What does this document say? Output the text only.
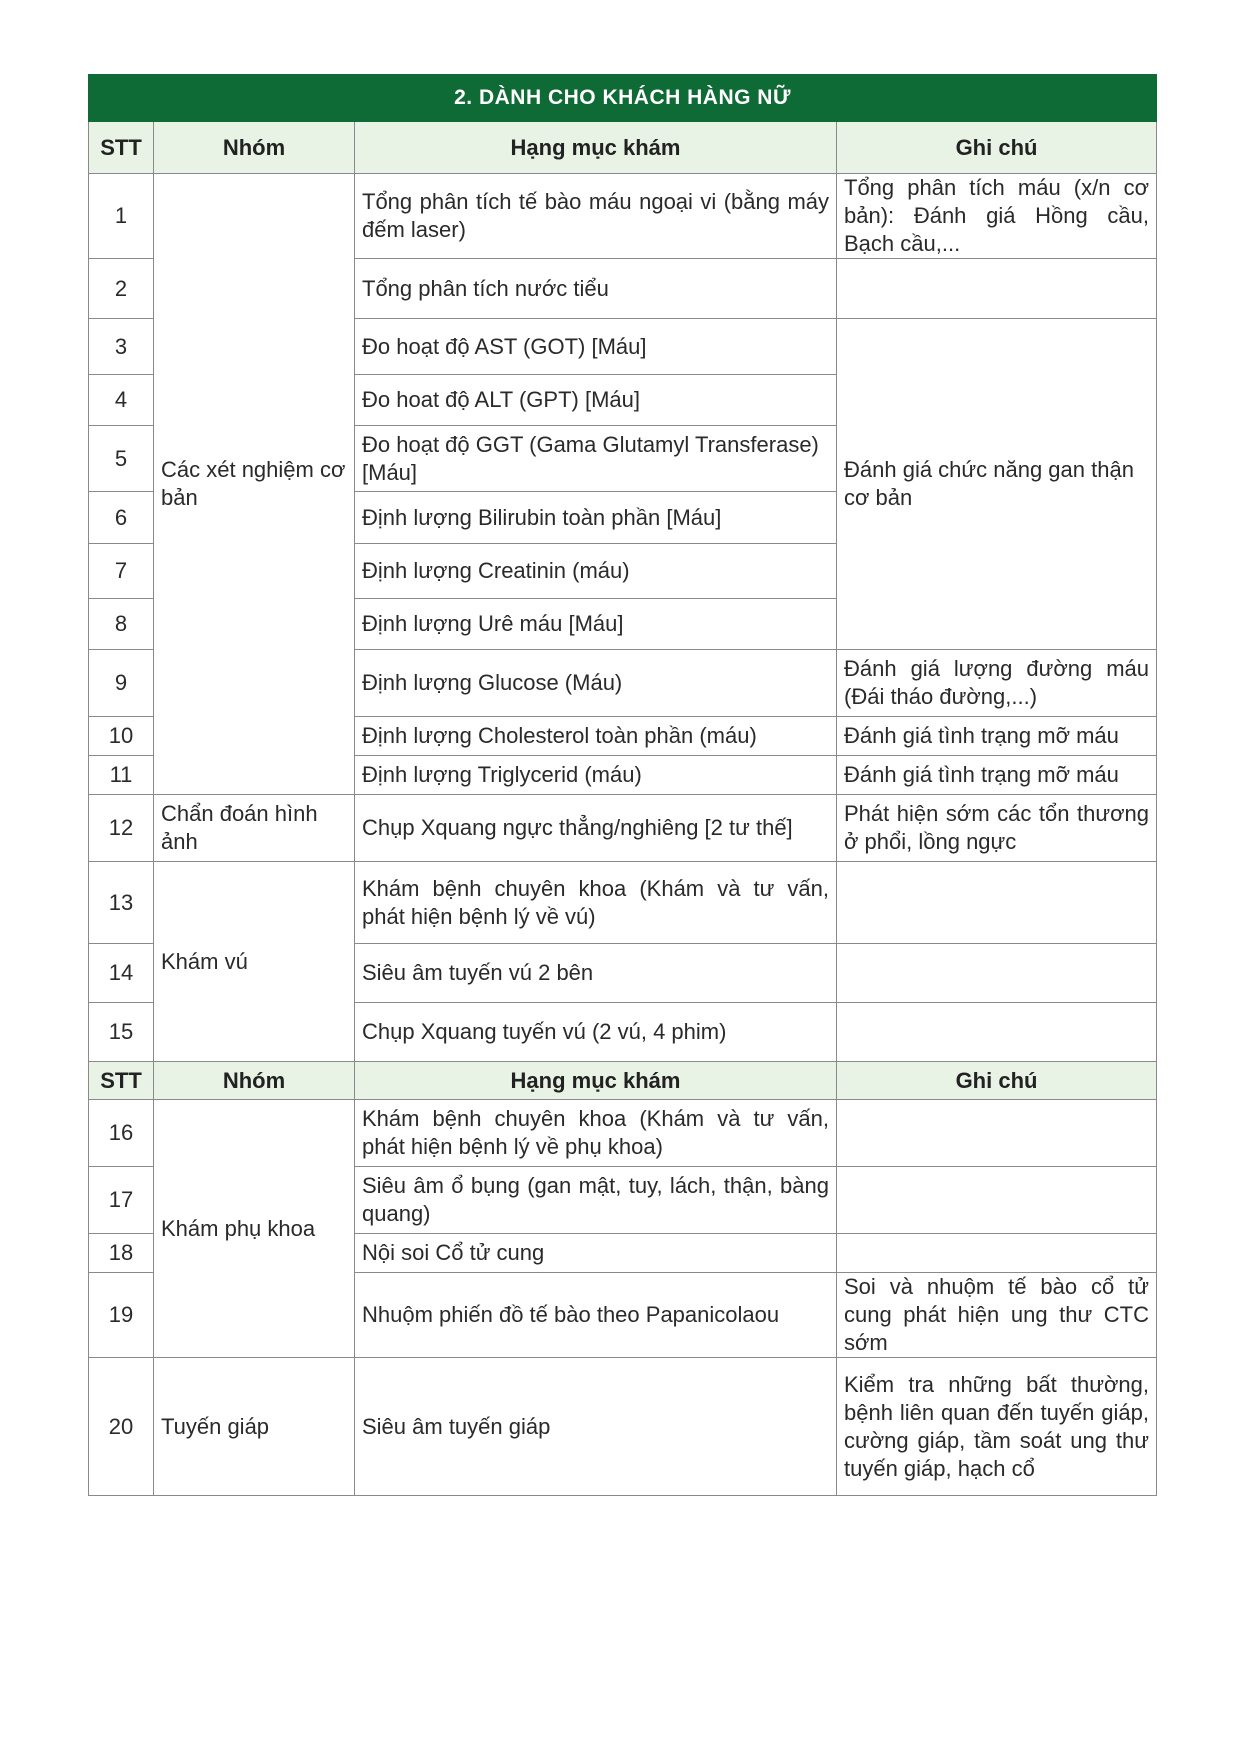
2. DÀNH CHO KHÁCH HÀNG NỮ			
STT	Nhóm	Hạng mục khám	Ghi chú
1	Các xét nghiệm cơ bản	Tổng phân tích tế bào máu ngoại vi (bằng máy đếm laser)	Tổng phân tích máu (x/n cơ bản): Đánh giá Hồng cầu, Bạch cầu,...
2		Tổng phân tích nước tiểu	
3		Đo hoạt độ AST (GOT) [Máu]	Đánh giá chức năng gan thận cơ bản
4		Đo hoat độ ALT (GPT) [Máu]	
5		Đo hoạt độ GGT (Gama Glutamyl Transferase) [Máu]	
6		Định lượng Bilirubin toàn phần [Máu]	
7		Định lượng Creatinin (máu)	
8		Định lượng Urê máu [Máu]	
9		Định lượng Glucose (Máu)	Đánh giá lượng đường máu (Đái tháo đường,...)
10		Định lượng Cholesterol toàn phần (máu)	Đánh giá tình trạng mỡ máu
11		Định lượng Triglycerid (máu)	Đánh giá tình trạng mỡ máu
12	Chẩn đoán hình ảnh	Chụp Xquang ngực thẳng/nghiêng [2 tư thế]	Phát hiện sớm các tổn thương ở phổi, lồng ngực
13	Khám vú	Khám bệnh chuyên khoa (Khám và tư vấn, phát hiện bệnh lý về vú)	
14		Siêu âm tuyến vú 2 bên	
15		Chụp Xquang tuyến vú (2 vú, 4 phim)	
STT	Nhóm	Hạng mục khám	Ghi chú
16	Khám phụ khoa	Khám bệnh chuyên khoa (Khám và tư vấn, phát hiện bệnh lý về phụ khoa)	
17		Siêu âm ổ bụng (gan mật, tuy, lách, thận, bàng quang)	
18		Nội soi Cổ tử cung	
19		Nhuộm phiến đồ tế bào theo Papanicolaou	Soi và nhuộm tế bào cổ tử cung phát hiện ung thư CTC sớm
20	Tuyến giáp	Siêu âm tuyến giáp	Kiểm tra những bất thường, bệnh liên quan đến tuyến giáp, cường giáp, tầm soát ung thư tuyến giáp, hạch cổ
